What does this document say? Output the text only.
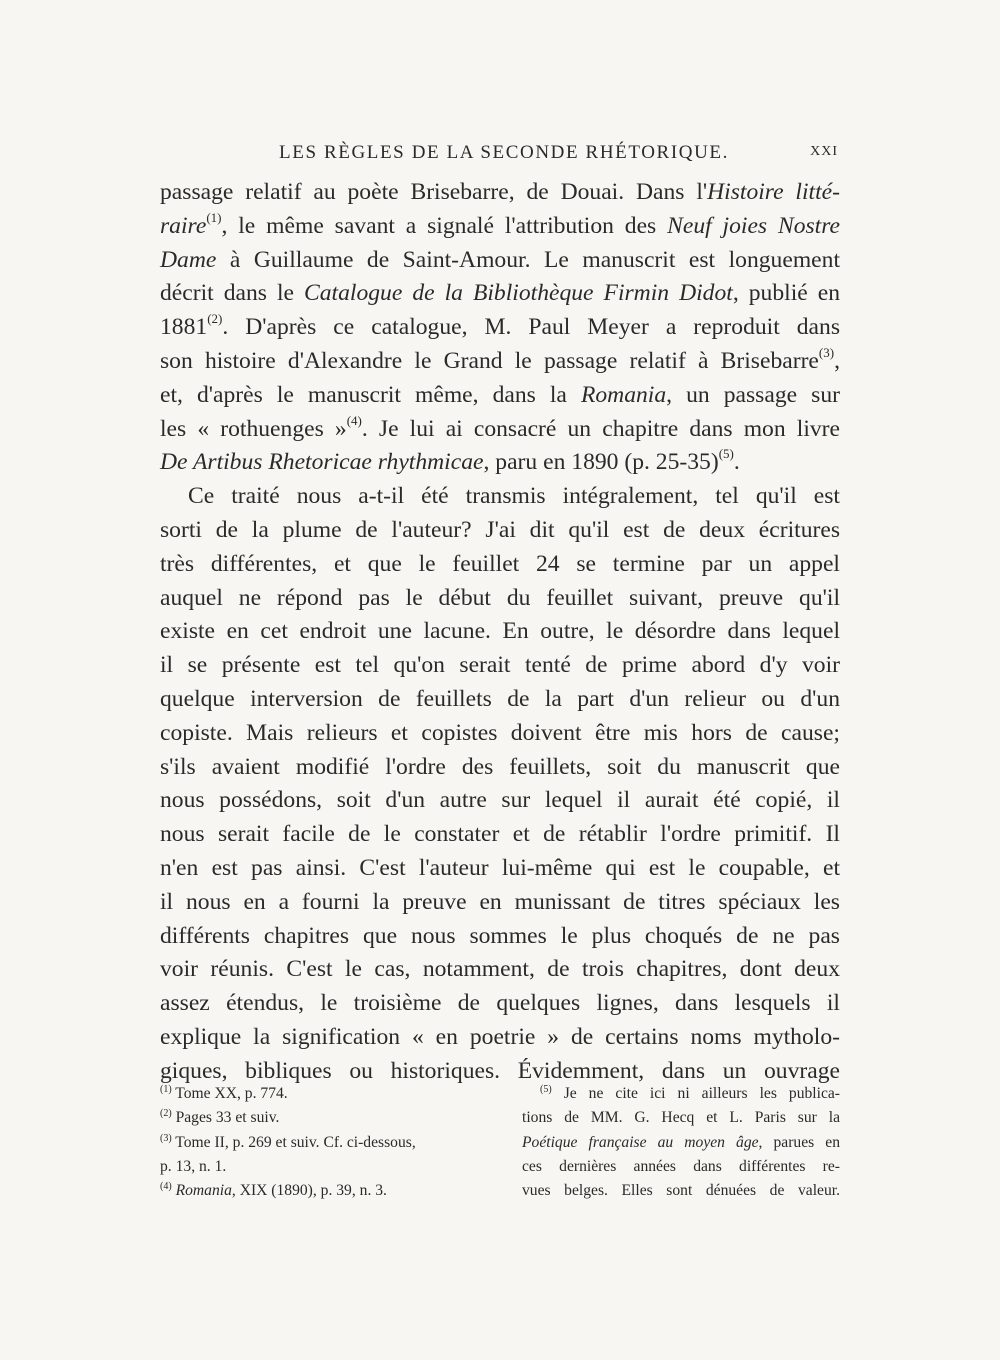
LES RÈGLES DE LA SECONDE RHÉTORIQUE.	XXI
passage relatif au poète Brisebarre, de Douai. Dans l'Histoire litté-
raire$^{(1)}$, le même savant a signalé l'attribution des Neuf joies Nostre
Dame à Guillaume de Saint-Amour. Le manuscrit est longuement
décrit dans le Catalogue de la Bibliothèque Firmin Didot, publié en
1881$^{(2)}$. D'après ce catalogue, M. Paul Meyer a reproduit dans
son histoire d'Alexandre le Grand le passage relatif à Brisebarre$^{(3)}$,
et, d'après le manuscrit même, dans la Romania, un passage sur
les « rothuenges »$^{(4)}$. Je lui ai consacré un chapitre dans mon livre
De Artibus Rhetoricae rhythmicae, paru en 1890 (p. 25-35)$^{(5)}$.
Ce traité nous a-t-il été transmis intégralement, tel qu'il est
sorti de la plume de l'auteur? J'ai dit qu'il est de deux écritures
très différentes, et que le feuillet 24 se termine par un appel
auquel ne répond pas le début du feuillet suivant, preuve qu'il
existe en cet endroit une lacune. En outre, le désordre dans lequel
il se présente est tel qu'on serait tenté de prime abord d'y voir
quelque interversion de feuillets de la part d'un relieur ou d'un
copiste. Mais relieurs et copistes doivent être mis hors de cause;
s'ils avaient modifié l'ordre des feuillets, soit du manuscrit que
nous possédons, soit d'un autre sur lequel il aurait été copié, il
nous serait facile de le constater et de rétablir l'ordre primitif. Il
n'en est pas ainsi. C'est l'auteur lui-même qui est le coupable, et
il nous en a fourni la preuve en munissant de titres spéciaux les
différents chapitres que nous sommes le plus choqués de ne pas
voir réunis. C'est le cas, notamment, de trois chapitres, dont deux
assez étendus, le troisième de quelques lignes, dans lesquels il
explique la signification « en poetrie » de certains noms mytholo-
giques, bibliques ou historiques. Évidemment, dans un ouvrage
$^{(1)}$ Tome XX, p. 774.
$^{(2)}$ Pages 33 et suiv.
$^{(3)}$ Tome II, p. 269 et suiv. Cf. ci-dessous,
p. 13, n. 1.
$^{(4)}$ Romania, XIX (1890), p. 39, n. 3.
$^{(5)}$ Je ne cite ici ni ailleurs les publica-
tions de MM. G. Hecq et L. Paris sur la
Poétique française au moyen âge, parues en
ces dernières années dans différentes re-
vues belges. Elles sont dénuées de valeur.
